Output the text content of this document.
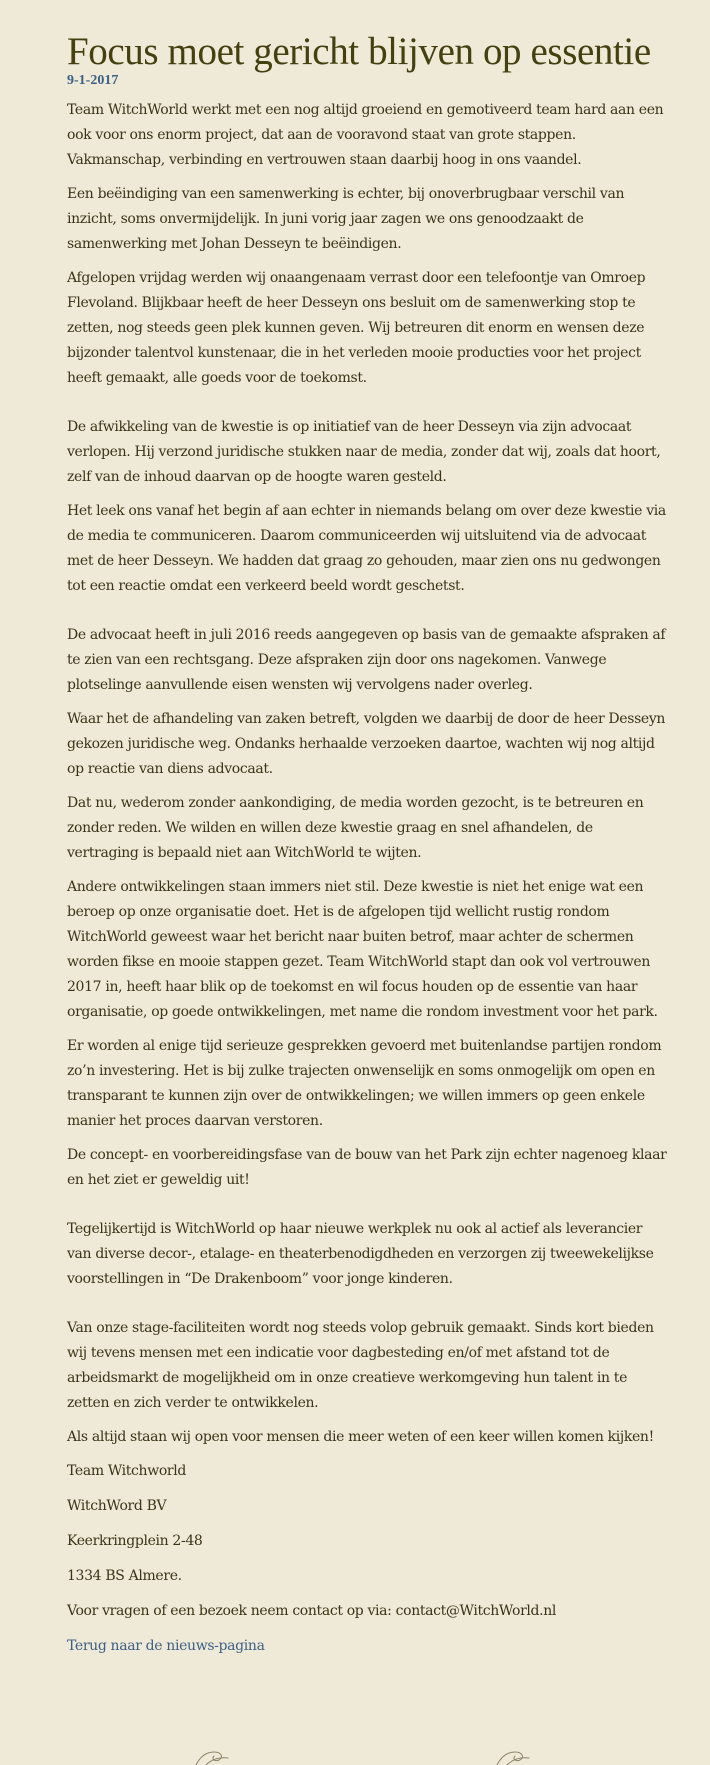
Focus moet gericht blijven op essentie
9-1-2017

Team WitchWorld werkt met een nog altijd groeiend en gemotiveerd team hard aan een ook voor ons enorm project, dat aan de vooravond staat van grote stappen. Vakmanschap, verbinding en vertrouwen staan daarbij hoog in ons vaandel.

Een beëindiging van een samenwerking is echter, bij onoverbrugbaar verschil van inzicht, soms onvermijdelijk. In juni vorig jaar zagen we ons genoodzaakt de samenwerking met Johan Desseyn te beëindigen.

Afgelopen vrijdag werden wij onaangenaam verrast door een telefoontje van Omroep Flevoland. Blijkbaar heeft de heer Desseyn ons besluit om de samenwerking stop te zetten, nog steeds geen plek kunnen geven. Wij betreuren dit enorm en wensen deze bijzonder talentvol kunstenaar, die in het verleden mooie producties voor het project heeft gemaakt, alle goeds voor de toekomst.

De afwikkeling van de kwestie is op initiatief van de heer Desseyn via zijn advocaat verlopen. Hij verzond juridische stukken naar de media, zonder dat wij, zoals dat hoort, zelf van de inhoud daarvan op de hoogte waren gesteld.

Het leek ons vanaf het begin af aan echter in niemands belang om over deze kwestie via de media te communiceren. Daarom communiceerden wij uitsluitend via de advocaat met de heer Desseyn. We hadden dat graag zo gehouden, maar zien ons nu gedwongen tot een reactie omdat een verkeerd beeld wordt geschetst.

De advocaat heeft in juli 2016 reeds aangegeven op basis van de gemaakte afspraken af te zien van een rechtsgang. Deze afspraken zijn door ons nagekomen. Vanwege plotselinge aanvullende eisen wensten wij vervolgens nader overleg.

Waar het de afhandeling van zaken betreft, volgden we daarbij de door de heer Desseyn gekozen juridische weg. Ondanks herhaalde verzoeken daartoe, wachten wij nog altijd op reactie van diens advocaat.

Dat nu, wederom zonder aankondiging, de media worden gezocht, is te betreuren en zonder reden. We wilden en willen deze kwestie graag en snel afhandelen, de vertraging is bepaald niet aan WitchWorld te wijten.

Andere ontwikkelingen staan immers niet stil. Deze kwestie is niet het enige wat een beroep op onze organisatie doet. Het is de afgelopen tijd wellicht rustig rondom WitchWorld geweest waar het bericht naar buiten betrof, maar achter de schermen worden fikse en mooie stappen gezet. Team WitchWorld stapt dan ook vol vertrouwen 2017 in, heeft haar blik op de toekomst en wil focus houden op de essentie van haar organisatie, op goede ontwikkelingen, met name die rondom investment voor het park.

Er worden al enige tijd serieuze gesprekken gevoerd met buitenlandse partijen rondom zo’n investering. Het is bij zulke trajecten onwenselijk en soms onmogelijk om open en transparant te kunnen zijn over de ontwikkelingen; we willen immers op geen enkele manier het proces daarvan verstoren.

De concept- en voorbereidingsfase van de bouw van het Park zijn echter nagenoeg klaar en het ziet er geweldig uit!

Tegelijkertijd is WitchWorld op haar nieuwe werkplek nu ook al actief als leverancier van diverse decor-, etalage- en theaterbenodigdheden en verzorgen zij tweewekelijkse voorstellingen in “De Drakenboom” voor jonge kinderen.

Van onze stage-faciliteiten wordt nog steeds volop gebruik gemaakt. Sinds kort bieden wij tevens mensen met een indicatie voor dagbesteding en/of met afstand tot de arbeidsmarkt de mogelijkheid om in onze creatieve werkomgeving hun talent in te zetten en zich verder te ontwikkelen.

Als altijd staan wij open voor mensen die meer weten of een keer willen komen kijken!

Team Witchworld

WitchWord BV

Keerkringplein 2-48

1334 BS Almere.

Voor vragen of een bezoek neem contact op via: contact@WitchWorld.nl

Terug naar de nieuws-pagina
